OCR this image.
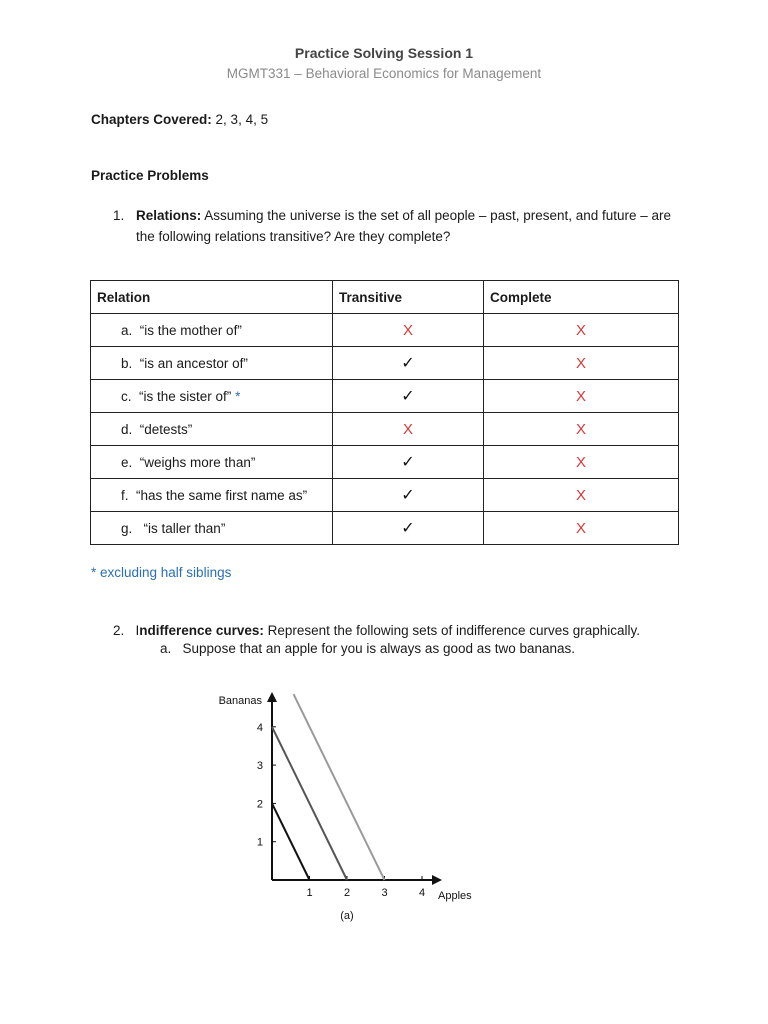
Practice Solving Session 1
MGMT331 – Behavioral Economics for Management
Chapters Covered: 2, 3, 4, 5
Practice Problems
1. Relations: Assuming the universe is the set of all people – past, present, and future – are the following relations transitive? Are they complete?
Relation	Transitive	Complete
a. “is the mother of”	X	X
b. “is an ancestor of”	✓	X
c. “is the sister of” *	✓	X
d. “detests”	X	X
e. “weighs more than”	✓	X
f. “has the same first name as”	✓	X
g.   “is taller than”	✓	X
* excluding half siblings
2. Indifference curves: Represent the following sets of indifference curves graphically.
a. Suppose that an apple for you is always as good as two bananas.
1	2	3	4
1
2
3
4
Bananas
Apples
(a)
